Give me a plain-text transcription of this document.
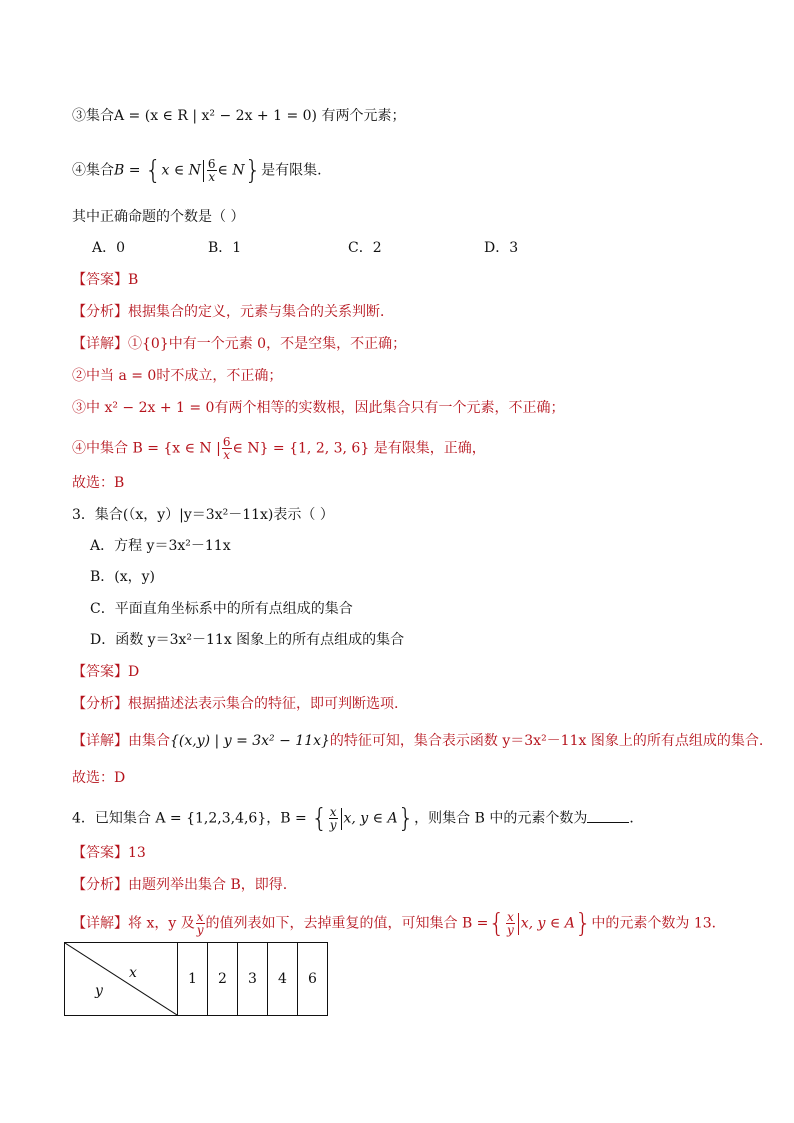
③集合A = (x ∈ R | x² − 2x + 1 = 0) 有两个元素；
④集合B = {x ∈ N $\frac{6}{x}$ ∈ N}是有限集.
其中正确命题的个数是（ ）
A．0	B．1	C．2	D．3
【答案】B
【分析】根据集合的定义，元素与集合的关系判断．
【详解】①{0}中有一个元素 0，不是空集，不正确；
②中当 a = 0时不成立，不正确；
③中 x² − 2x + 1 = 0有两个相等的实数根，因此集合只有一个元素，不正确；
④中集合 B = {x ∈ N | $\frac{6}{x}$ ∈ N} = {1, 2, 3, 6} 是有限集，正确，
故选：B
3．集合(（x，y）|y＝3x²－11x)表示（ ）
A．方程 y＝3x²－11x
B．(x，y)
C．平面直角坐标系中的所有点组成的集合
D．函数 y＝3x²－11x 图象上的所有点组成的集合
【答案】D
【分析】根据描述法表示集合的特征，即可判断选项.
【详解】由集合{(x,y) | y = 3x² − 11x}的特征可知，集合表示函数 y＝3x²－11x 图象上的所有点组成的集合.
故选：D
4．已知集合 A = {1,2,3,4,6}，B = { $\frac{x}{y} x$, y ∈ A}，则集合 B 中的元素个数为	．
【答案】13
【分析】由题列举出集合 B，即得.
【详解】将 x，y 及 $\frac{x}{y}$ 的值列表如下，去掉重复的值，可知集合 B ={ $\frac{x}{y} x$, y ∈ A}中的元素个数为 13．
x
y
	1	2	3	4	6
